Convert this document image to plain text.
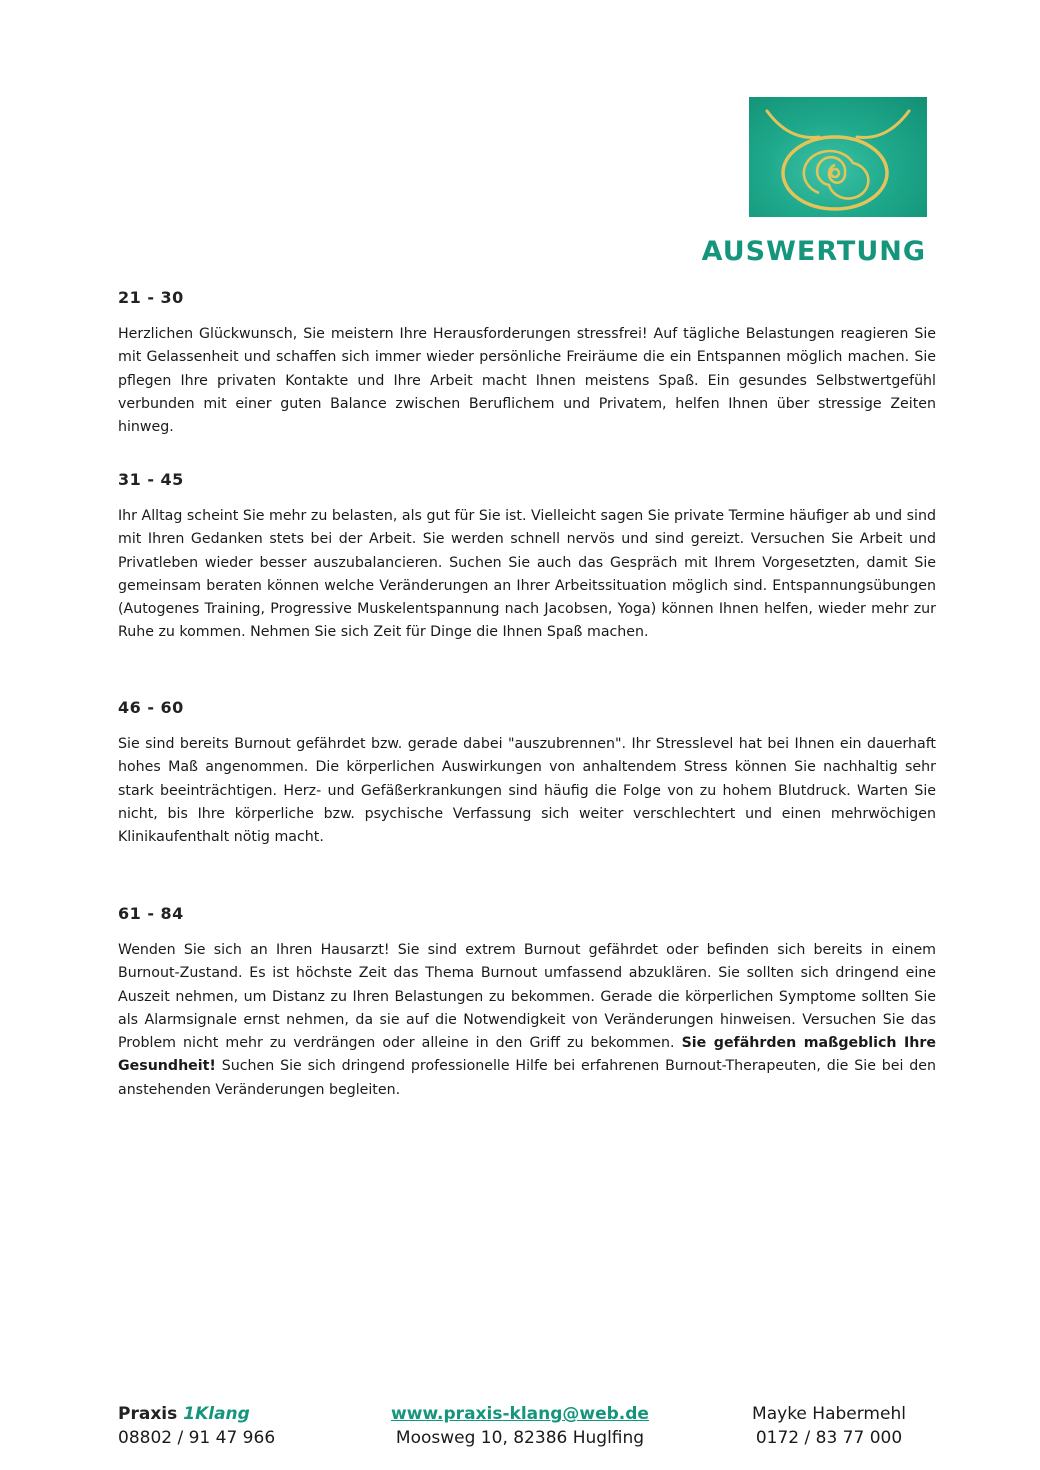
AUSWERTUNG

21 - 30

Herzlichen Glückwunsch, Sie meistern Ihre Herausforderungen stressfrei! Auf tägliche Belastungen reagieren Sie mit Gelassenheit und schaffen sich immer wieder persönliche Freiräume die ein Entspannen möglich machen. Sie pflegen Ihre privaten Kontakte und Ihre Arbeit macht Ihnen meistens Spaß. Ein gesundes Selbstwertgefühl verbunden mit einer guten Balance zwischen Beruflichem und Privatem, helfen Ihnen über stressige Zeiten hinweg.

31 - 45

Ihr Alltag scheint Sie mehr zu belasten, als gut für Sie ist. Vielleicht sagen Sie private Termine häufiger ab und sind mit Ihren Gedanken stets bei der Arbeit. Sie werden schnell nervös und sind gereizt. Versuchen Sie Arbeit und Privatleben wieder besser auszubalancieren. Suchen Sie auch das Gespräch mit Ihrem Vorgesetzten, damit Sie gemeinsam beraten können welche Veränderungen an Ihrer Arbeitssituation möglich sind. Entspannungsübungen (Autogenes Training, Progressive Muskelentspannung nach Jacobsen, Yoga) können Ihnen helfen, wieder mehr zur Ruhe zu kommen. Nehmen Sie sich Zeit für Dinge die Ihnen Spaß machen.

46 - 60

Sie sind bereits Burnout gefährdet bzw. gerade dabei "auszubrennen". Ihr Stresslevel hat bei Ihnen ein dauerhaft hohes Maß angenommen. Die körperlichen Auswirkungen von anhaltendem Stress können Sie nachhaltig sehr stark beeinträchtigen. Herz- und Gefäßerkrankungen sind häufig die Folge von zu hohem Blutdruck. Warten Sie nicht, bis Ihre körperliche bzw. psychische Verfassung sich weiter verschlechtert und einen mehrwöchigen Klinikaufenthalt nötig macht.

61 - 84

Wenden Sie sich an Ihren Hausarzt! Sie sind extrem Burnout gefährdet oder befinden sich bereits in einem Burnout-Zustand. Es ist höchste Zeit das Thema Burnout umfassend abzuklären. Sie sollten sich dringend eine Auszeit nehmen, um Distanz zu Ihren Belastungen zu bekommen. Gerade die körperlichen Symptome sollten Sie als Alarmsignale ernst nehmen, da sie auf die Notwendigkeit von Veränderungen hinweisen. Versuchen Sie das Problem nicht mehr zu verdrängen oder alleine in den Griff zu bekommen. Sie gefährden maßgeblich Ihre Gesundheit! Suchen Sie sich dringend professionelle Hilfe bei erfahrenen Burnout-Therapeuten, die Sie bei den anstehenden Veränderungen begleiten.

Praxis 1Klang
08802 / 91 47 966
www.praxis-klang@web.de
Moosweg 10, 82386 Huglfing
Mayke Habermehl
0172 / 83 77 000
